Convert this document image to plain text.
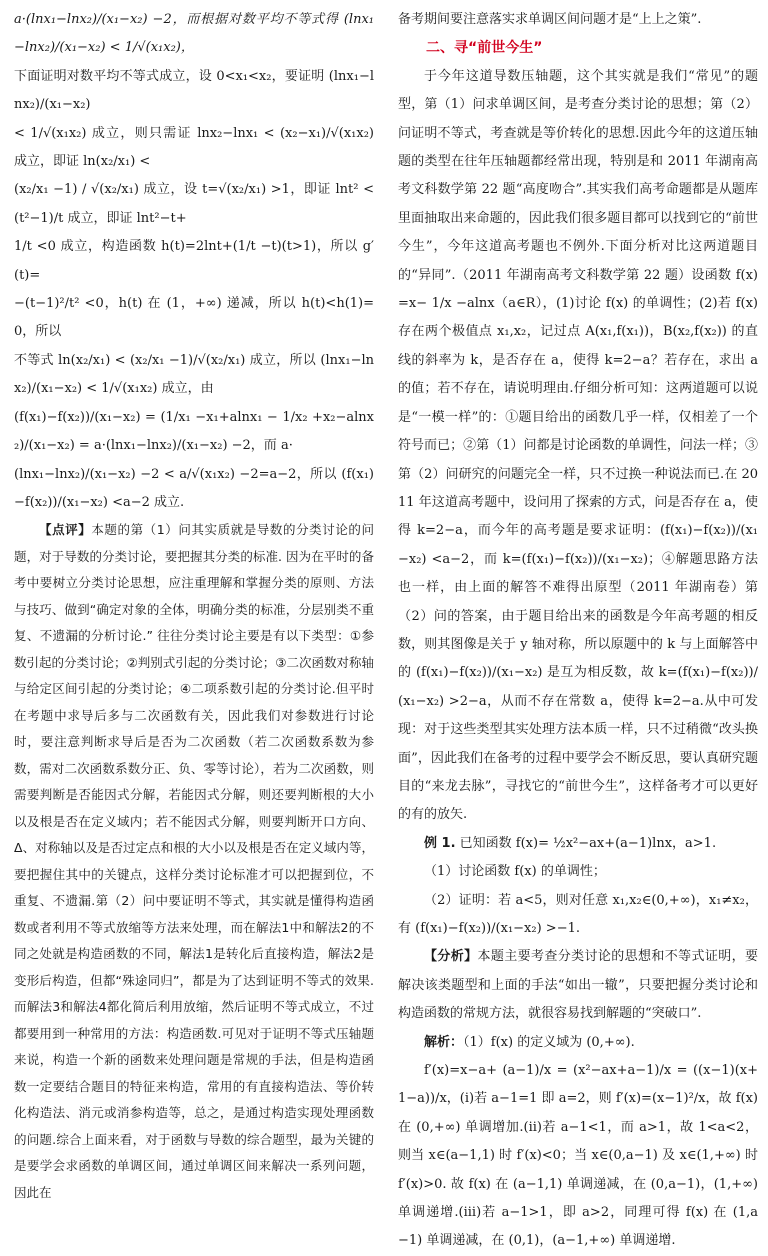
a·(lnx₁−lnx₂)/(x₁−x₂) −2，而根据对数平均不等式得 (lnx₁−lnx₂)/(x₁−x₂) < 1/√(x₁x₂)，

下面证明对数平均不等式成立，设 0<x₁<x₂，要证明 (lnx₁−lnx₂)/(x₁−x₂)

< 1/√(x₁x₂) 成立，则只需证 lnx₂−lnx₁ < (x₂−x₁)/√(x₁x₂) 成立，即证 ln(x₂/x₁) <

(x₂/x₁ −1) / √(x₂/x₁) 成立，设 t=√(x₂/x₁) >1，即证 lnt² < (t²−1)/t 成立，即证 lnt²−t+

1/t <0 成立，构造函数 h(t)=2lnt+(1/t −t)(t>1)，所以 g′(t)=

−(t−1)²/t² <0，h(t) 在 (1，+∞) 递减，所以 h(t)<h(1)=0，所以

不等式 ln(x₂/x₁) < (x₂/x₁ −1)/√(x₂/x₁) 成立，所以 (lnx₁−lnx₂)/(x₁−x₂) < 1/√(x₁x₂) 成立，由

(f(x₁)−f(x₂))/(x₁−x₂) = (1/x₁ −x₁+alnx₁ − 1/x₂ +x₂−alnx₂)/(x₁−x₂) = a·(lnx₁−lnx₂)/(x₁−x₂) −2，而 a·

(lnx₁−lnx₂)/(x₁−x₂) −2 < a/√(x₁x₂) −2=a−2，所以 (f(x₁)−f(x₂))/(x₁−x₂) <a−2 成立.

【点评】本题的第（1）问其实质就是导数的分类讨论的问题，对于导数的分类讨论，要把握其分类的标准. 因为在平时的备考中要树立分类讨论思想，应注重理解和掌握分类的原则、方法与技巧、做到“确定对象的全体，明确分类的标准，分层别类不重复、不遗漏的分析讨论.” 往往分类讨论主要是有以下类型：①参数引起的分类讨论；②判别式引起的分类讨论；③二次函数对称轴与给定区间引起的分类讨论；④二项系数引起的分类讨论.但平时在考题中求导后多与二次函数有关，因此我们对参数进行讨论时，要注意判断求导后是否为二次函数（若二次函数系数为参数，需对二次函数系数分正、负、零等讨论），若为二次函数，则需要判断是否能因式分解，若能因式分解，则还要判断根的大小以及根是否在定义域内；若不能因式分解，则要判断开口方向、Δ、对称轴以及是否过定点和根的大小以及根是否在定义域内等，要把握住其中的关键点，这样分类讨论标准才可以把握到位，不重复、不遗漏.第（2）问中要证明不等式，其实就是懂得构造函数或者利用不等式放缩等方法来处理，而在解法1中和解法2的不同之处就是构造函数的不同，解法1是转化后直接构造，解法2是变形后构造，但都“殊途同归”，都是为了达到证明不等式的效果.而解法3和解法4都化简后利用放缩，然后证明不等式成立，不过都要用到一种常用的方法：构造函数.可见对于证明不等式压轴题来说，构造一个新的函数来处理问题是常规的手法，但是构造函数一定要结合题目的特征来构造，常用的有直接构造法、等价转化构造法、消元或消参构造等，总之，是通过构造实现处理函数的问题.综合上面来看，对于函数与导数的综合题型，最为关键的是要学会求函数的单调区间，通过单调区间来解决一系列问题，因此在

备考期间要注意落实求单调区间问题才是“上上之策”.

二、寻“前世今生”

于今年这道导数压轴题，这个其实就是我们“常见”的题型，第（1）问求单调区间，是考查分类讨论的思想；第（2）问证明不等式，考查就是等价转化的思想.因此今年的这道压轴题的类型在往年压轴题都经常出现，特别是和 2011 年湖南高考文科数学第 22 题“高度吻合”.其实我们高考命题都是从题库里面抽取出来命题的，因此我们很多题目都可以找到它的“前世今生”，今年这道高考题也不例外.下面分析对比这两道题目的“异同”.（2011 年湖南高考文科数学第 22 题）设函数 f(x)=x− 1/x −alnx（a∈R），(1)讨论 f(x) 的单调性；(2)若 f(x) 存在两个极值点 x₁,x₂，记过点 A(x₁,f(x₁))，B(x₂,f(x₂)) 的直线的斜率为 k，是否存在 a，使得 k=2−a？若存在，求出 a 的值；若不存在，请说明理由.仔细分析可知：这两道题可以说是“一模一样”的：①题目给出的函数几乎一样，仅相差了一个符号而已；②第（1）问都是讨论函数的单调性，问法一样；③第（2）问研究的问题完全一样，只不过换一种说法而已.在 2011 年这道高考题中，设问用了探索的方式，问是否存在 a，使得 k=2−a，而今年的高考题是要求证明：(f(x₁)−f(x₂))/(x₁−x₂) <a−2，而 k=(f(x₁)−f(x₂))/(x₁−x₂)；④解题思路方法也一样，由上面的解答不难得出原型（2011 年湖南卷）第（2）问的答案，由于题目给出来的函数是今年高考题的相反数，则其图像是关于 y 轴对称，所以原题中的 k 与上面解答中的 (f(x₁)−f(x₂))/(x₁−x₂) 是互为相反数，故 k=(f(x₁)−f(x₂))/(x₁−x₂) >2−a，从而不存在常数 a，使得 k=2−a.从中可发现：对于这些类型其实处理方法本质一样，只不过稍微“改头换面”，因此我们在备考的过程中要学会不断反思，要认真研究题目的“来龙去脉”，寻找它的“前世今生”，这样备考才可以更好的有的放矢.

例 1. 已知函数 f(x)= ½x²−ax+(a−1)lnx，a>1.

（1）讨论函数 f(x) 的单调性；

（2）证明：若 a<5，则对任意 x₁,x₂∈(0,+∞)，x₁≠x₂，有 (f(x₁)−f(x₂))/(x₁−x₂) >−1.

【分析】本题主要考查分类讨论的思想和不等式证明，要解决该类题型和上面的手法“如出一辙”，只要把握分类讨论和构造函数的常规方法，就很容易找到解题的“突破口”.

解析：（1）f(x) 的定义域为 (0,+∞).

f′(x)=x−a+ (a−1)/x = (x²−ax+a−1)/x = ((x−1)(x+1−a))/x，(i)若 a−1=1 即 a=2，则 f′(x)=(x−1)²/x，故 f(x) 在 (0,+∞) 单调增加.(ii)若 a−1<1，而 a>1，故 1<a<2，则当 x∈(a−1,1) 时 f′(x)<0；当 x∈(0,a−1) 及 x∈(1,+∞) 时 f′(x)>0. 故 f(x) 在 (a−1,1) 单调递减，在 (0,a−1)，(1,+∞) 单调递增.(iii)若 a−1>1，即 a>2，同理可得 f(x) 在 (1,a−1) 单调递减，在 (0,1)，(a−1,+∞) 单调递增.
